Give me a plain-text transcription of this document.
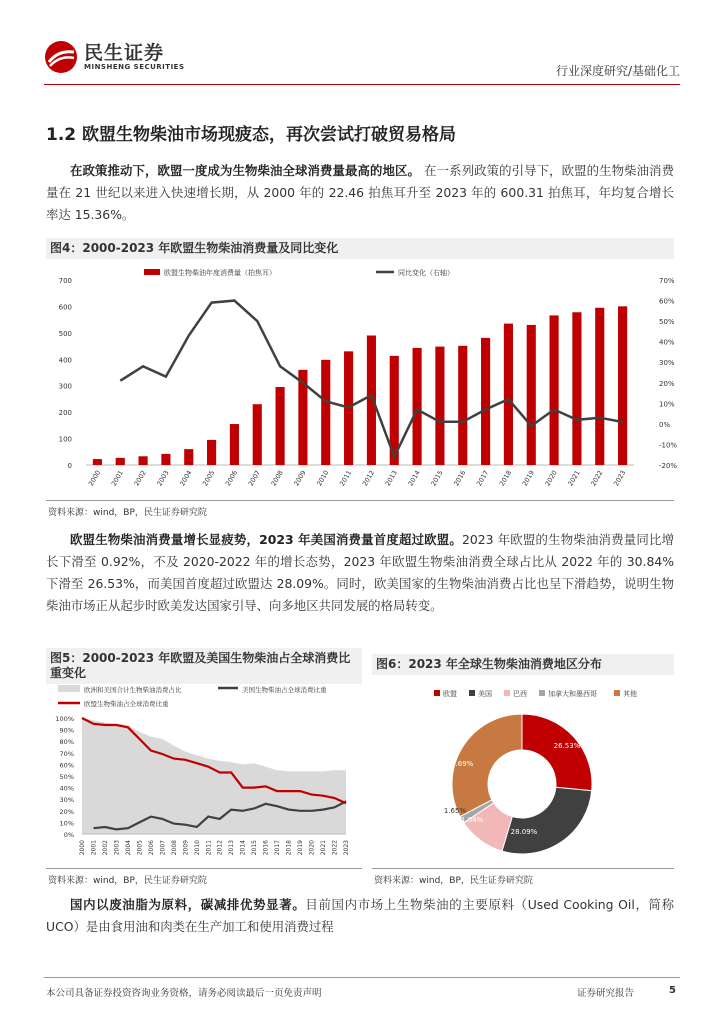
民生证券
MINSHENG SECURITIES	行业深度研究/基础化工
1.2 欧盟生物柴油市场现疲态，再次尝试打破贸易格局
在政策推动下，欧盟一度成为生物柴油全球消费量最高的地区。 在一系列政策的引导下，欧盟的生物柴油消费量在 21 世纪以来进入快速增长期，从 2000 年的 22.46 拍焦耳升至 2023 年的 600.31 拍焦耳，年均复合增长率达 15.36%。
图4：2000-2023 年欧盟生物柴油消费量及同比变化
欧盟生物柴油年度消费量（拍焦耳）	同比变化（右轴）
0
100
200
300
400
500
600
700
-20%
-10%
0%
10%
20%
30%
40%
50%
60%
70%
2000 2001 2002 2003 2004 2005 2006 2007 2008 2009 2010 2011 2012 2013 2014 2015 2016 2017 2018 2019 2020 2021 2022 2023
资料来源：wind，BP，民生证券研究院
欧盟生物柴油消费量增长显疲势，2023 年美国消费量首度超过欧盟。2023 年欧盟的生物柴油消费量同比增长下滑至 0.92%，不及 2020-2022 年的增长态势，2023 年欧盟生物柴油消费全球占比从 2022 年的 30.84%下滑至 26.53%，而美国首度超过欧盟达 28.09%。同时，欧美国家的生物柴油消费占比也呈下滑趋势，说明生物柴油市场正从起步时欧美发达国家引导、向多地区共同发展的格局转变。
图5：2000-2023 年欧盟及美国生物柴油占全球消费比重变化
欧洲和美国合计生物柴油消费占比	美国生物柴油占全球消费比重
欧盟生物柴油占全球消费比重
0%
10%
20%
30%
40%
50%
60%
70%
80%
90%
100%
2000 2001 2002 2003 2004 2005 2006 2007 2008 2009 2010 2011 2012 2013 2014 2015 2016 2017 2018 2019 2020 2021 2022 2023
资料来源：wind，BP，民生证券研究院
图6：2023 年全球生物柴油消费地区分布
欧盟	美国	巴西	加拿大和墨西哥	其他
26.53%
28.09%
11.04%
1.65%
32.69%
资料来源：wind，BP，民生证券研究院
国内以废油脂为原料，碳减排优势显著。目前国内市场上生物柴油的主要原料（Used Cooking Oil，简称 UCO）是由食用油和肉类在生产加工和使用消费过程
本公司具备证券投资咨询业务资格，请务必阅读最后一页免责声明	证券研究报告	5
